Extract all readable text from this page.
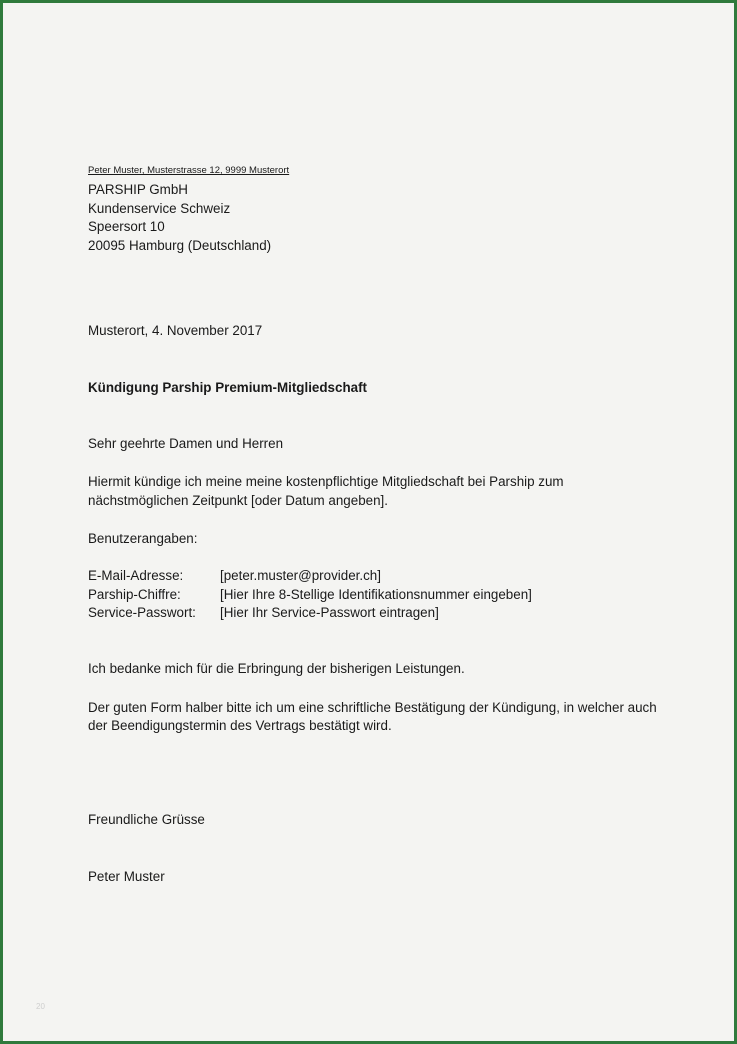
Peter Muster, Musterstrasse 12, 9999 Musterort
PARSHIP GmbH
Kundenservice Schweiz
Speersort 10
20095 Hamburg (Deutschland)
Musterort, 4. November 2017
Kündigung Parship Premium-Mitgliedschaft
Sehr geehrte Damen und Herren
Hiermit kündige ich meine meine kostenpflichtige Mitgliedschaft bei Parship zum
nächstmöglichen Zeitpunkt [oder Datum angeben].
Benutzerangaben:
E-Mail-Adresse:	[peter.muster@provider.ch]
Parship-Chiffre:	[Hier Ihre 8-Stellige Identifikationsnummer eingeben]
Service-Passwort: [Hier Ihr Service-Passwort eintragen]
Ich bedanke mich für die Erbringung der bisherigen Leistungen.
Der guten Form halber bitte ich um eine schriftliche Bestätigung der Kündigung, in welcher auch
der Beendigungstermin des Vertrags bestätigt wird.
Freundliche Grüsse
Peter Muster
20
